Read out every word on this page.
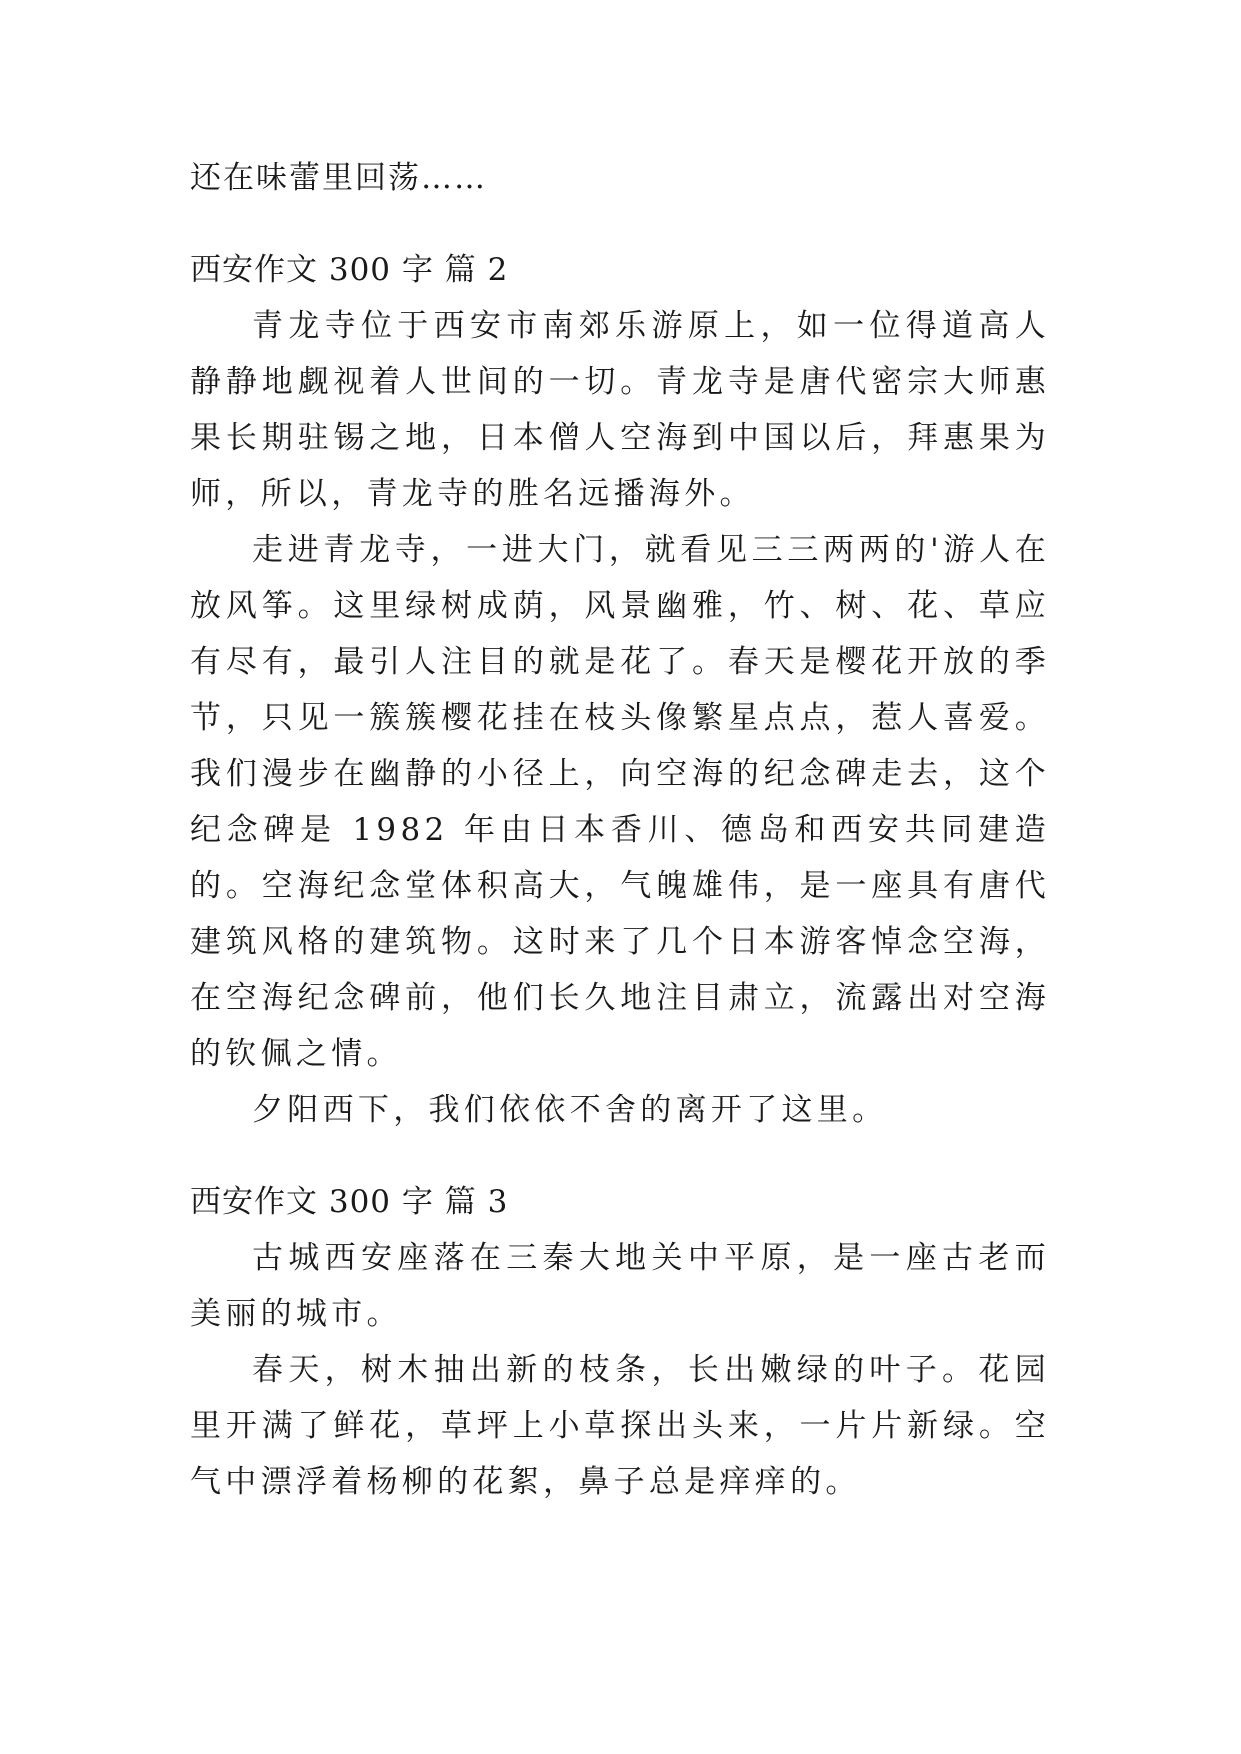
还在味蕾里回荡……

西安作文 300 字 篇 2

青龙寺位于西安市南郊乐游原上，如一位得道高人静静地觑视着人世间的一切。青龙寺是唐代密宗大师惠果长期驻锡之地，日本僧人空海到中国以后，拜惠果为师，所以，青龙寺的胜名远播海外。

走进青龙寺，一进大门，就看见三三两两的'游人在放风筝。这里绿树成荫，风景幽雅，竹、树、花、草应有尽有，最引人注目的就是花了。春天是樱花开放的季节，只见一簇簇樱花挂在枝头像繁星点点，惹人喜爱。我们漫步在幽静的小径上，向空海的纪念碑走去，这个纪念碑是 1982 年由日本香川、德岛和西安共同建造的。空海纪念堂体积高大，气魄雄伟，是一座具有唐代建筑风格的建筑物。这时来了几个日本游客悼念空海，在空海纪念碑前，他们长久地注目肃立，流露出对空海的钦佩之情。

夕阳西下，我们依依不舍的离开了这里。

西安作文 300 字 篇 3

古城西安座落在三秦大地关中平原，是一座古老而美丽的城市。

春天，树木抽出新的枝条，长出嫩绿的叶子。花园里开满了鲜花，草坪上小草探出头来，一片片新绿。空气中漂浮着杨柳的花絮，鼻子总是痒痒的。
